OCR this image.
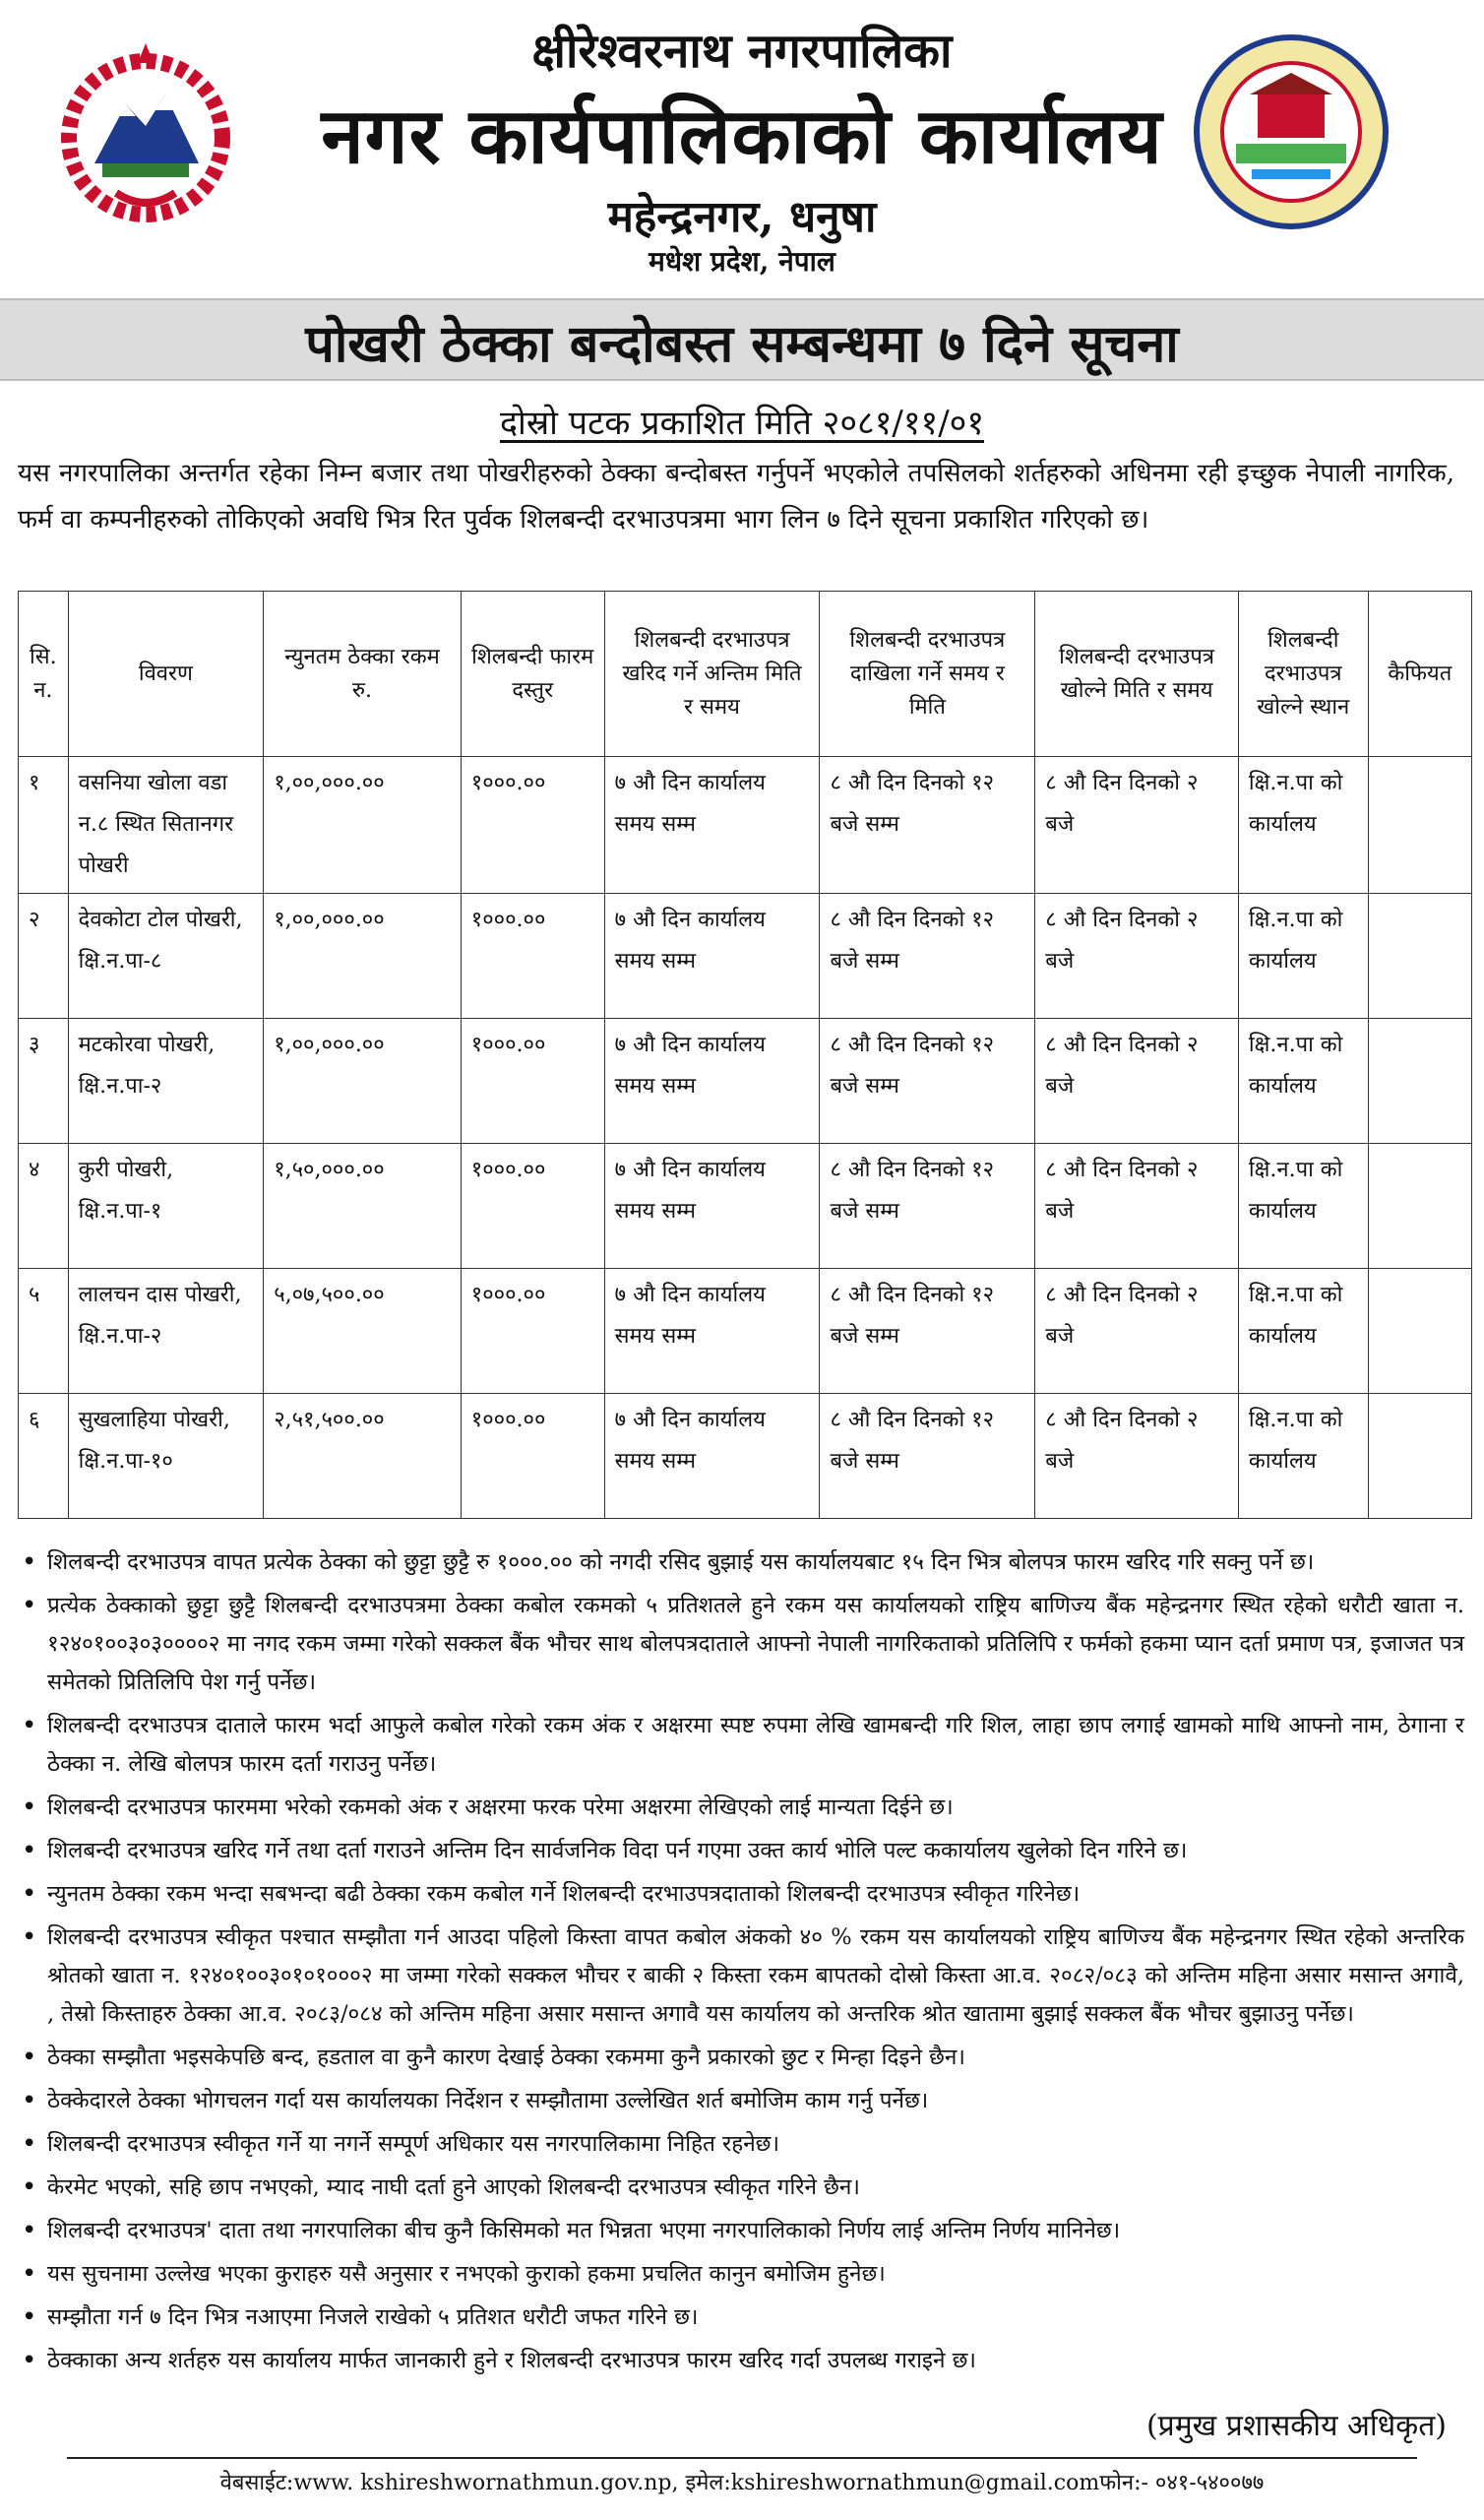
क्षीरेश्वरनाथ नगरपालिका
नगर कार्यपालिकाको कार्यालय
महेन्द्रनगर, धनुषा
मधेश प्रदेश, नेपाल
पोखरी ठेक्का बन्दोबस्त सम्बन्धमा ७ दिने सूचना
दोस्रो पटक प्रकाशित मिति २०८१/११/०१
यस नगरपालिका अन्तर्गत रहेका निम्न बजार तथा पोखरीहरुको ठेक्का बन्दोबस्त गर्नुपर्ने भएकोले तपसिलको शर्तहरुको अधिनमा रही इच्छुक नेपाली नागरिक, फर्म वा कम्पनीहरुको तोकिएको अवधि भित्र रित पुर्वक शिलबन्दी दरभाउपत्रमा भाग लिन ७ दिने सूचना प्रकाशित गरिएको छ।
सि. न.	विवरण	न्युनतम ठेक्का रकम रु.	शिलबन्दी फारम दस्तुर	शिलबन्दी दरभाउपत्र खरिद गर्ने अन्तिम मिति र समय	शिलबन्दी दरभाउपत्र दाखिला गर्ने समय र मिति	शिलबन्दी दरभाउपत्र खोल्ने मिति र समय	शिलबन्दी दरभाउपत्र खोल्ने स्थान	कैफियत
१	वसनिया खोला वडा न.८ स्थित सितानगर पोखरी	१,००,०००.००	१०००.००	७ औ दिन कार्यालय समय सम्म	८ औ दिन दिनको १२ बजे सम्म	८ औ दिन दिनको २ बजे	क्षि.न.पा को कार्यालय	
२	देवकोटा टोल पोखरी, क्षि.न.पा-८	१,००,०००.००	१०००.००	७ औ दिन कार्यालय समय सम्म	८ औ दिन दिनको १२ बजे सम्म	८ औ दिन दिनको २ बजे	क्षि.न.पा को कार्यालय	
३	मटकोरवा पोखरी, क्षि.न.पा-२	१,००,०००.००	१०००.००	७ औ दिन कार्यालय समय सम्म	८ औ दिन दिनको १२ बजे सम्म	८ औ दिन दिनको २ बजे	क्षि.न.पा को कार्यालय	
४	कुरी पोखरी, क्षि.न.पा-१	१,५०,०००.००	१०००.००	७ औ दिन कार्यालय समय सम्म	८ औ दिन दिनको १२ बजे सम्म	८ औ दिन दिनको २ बजे	क्षि.न.पा को कार्यालय	
५	लालचन दास पोखरी, क्षि.न.पा-२	५,०७,५००.००	१०००.००	७ औ दिन कार्यालय समय सम्म	८ औ दिन दिनको १२ बजे सम्म	८ औ दिन दिनको २ बजे	क्षि.न.पा को कार्यालय	
६	सुखलाहिया पोखरी, क्षि.न.पा-१०	२,५१,५००.००	१०००.००	७ औ दिन कार्यालय समय सम्म	८ औ दिन दिनको १२ बजे सम्म	८ औ दिन दिनको २ बजे	क्षि.न.पा को कार्यालय	
• शिलबन्दी दरभाउपत्र वापत प्रत्येक ठेक्का को छुट्टा छुट्टै रु १०००.०० को नगदी रसिद बुझाई यस कार्यालयबाट १५ दिन भित्र बोलपत्र फारम खरिद गरि सक्नु पर्ने छ।
• प्रत्येक ठेक्काको छुट्टा छुट्टै शिलबन्दी दरभाउपत्रमा ठेक्का कबोल रकमको ५ प्रतिशतले हुने रकम यस कार्यालयको राष्ट्रिय बाणिज्य बैंक महेन्द्रनगर स्थित रहेको धरौटी खाता न. १२४०१००३०३००००२ मा नगद रकम जम्मा गरेको सक्कल बैंक भौचर साथ बोलपत्रदाताले आफ्नो नेपाली नागरिकताको प्रतिलिपि र फर्मको हकमा प्यान दर्ता प्रमाण पत्र, इजाजत पत्र समेतको प्रितिलिपि पेश गर्नु पर्नेछ।
• शिलबन्दी दरभाउपत्र दाताले फारम भर्दा आफुले कबोल गरेको रकम अंक र अक्षरमा स्पष्ट रुपमा लेखि खामबन्दी गरि शिल, लाहा छाप लगाई खामको माथि आफ्नो नाम, ठेगाना र ठेक्का न. लेखि बोलपत्र फारम दर्ता गराउनु पर्नेछ।
• शिलबन्दी दरभाउपत्र फारममा भरेको रकमको अंक र अक्षरमा फरक परेमा अक्षरमा लेखिएको लाई मान्यता दिईने छ।
• शिलबन्दी दरभाउपत्र खरिद गर्ने तथा दर्ता गराउने अन्तिम दिन सार्वजनिक विदा पर्न गएमा उक्त कार्य भोलि पल्ट ककार्यालय खुलेको दिन गरिने छ।
• न्युनतम ठेक्का रकम भन्दा सबभन्दा बढी ठेक्का रकम कबोल गर्ने शिलबन्दी दरभाउपत्रदाताको शिलबन्दी दरभाउपत्र स्वीकृत गरिनेछ।
• शिलबन्दी दरभाउपत्र स्वीकृत पश्चात सम्झौता गर्न आउदा पहिलो किस्ता वापत कबोल अंकको ४० % रकम यस कार्यालयको राष्ट्रिय बाणिज्य बैंक महेन्द्रनगर स्थित रहेको अन्तरिक श्रोतको खाता न. १२४०१००३०१०१०००२ मा जम्मा गरेको सक्कल भौचर र बाकी २ किस्ता रकम बापतको दोस्रो किस्ता आ.व. २०८२/०८३ को अन्तिम महिना असार मसान्त अगावै, , तेस्रो किस्ताहरु ठेक्का आ.व. २०८३/०८४ को अन्तिम महिना असार मसान्त अगावै यस कार्यालय को अन्तरिक श्रोत खातामा बुझाई सक्कल बैंक भौचर बुझाउनु पर्नेछ।
• ठेक्का सम्झौता भइसकेपछि बन्द, हडताल वा कुनै कारण देखाई ठेक्का रकममा कुनै प्रकारको छुट र मिन्हा दिइने छैन।
• ठेक्केदारले ठेक्का भोगचलन गर्दा यस कार्यालयका निर्देशन र सम्झौतामा उल्लेखित शर्त बमोजिम काम गर्नु पर्नेछ।
• शिलबन्दी दरभाउपत्र स्वीकृत गर्ने या नगर्ने सम्पूर्ण अधिकार यस नगरपालिकामा निहित रहनेछ।
• केरमेट भएको, सहि छाप नभएको, म्याद नाघी दर्ता हुने आएको शिलबन्दी दरभाउपत्र स्वीकृत गरिने छैन।
• शिलबन्दी दरभाउपत्र' दाता तथा नगरपालिका बीच कुनै किसिमको मत भिन्नता भएमा नगरपालिकाको निर्णय लाई अन्तिम निर्णय मानिनेछ।
• यस सुचनामा उल्लेख भएका कुराहरु यसै अनुसार र नभएको कुराको हकमा प्रचलित कानुन बमोजिम हुनेछ।
• सम्झौता गर्न ७ दिन भित्र नआएमा निजले राखेको ५ प्रतिशत धरौटी जफत गरिने छ।
• ठेक्काका अन्य शर्तहरु यस कार्यालय मार्फत जानकारी हुने र शिलबन्दी दरभाउपत्र फारम खरिद गर्दा उपलब्ध गराइने छ।
(प्रमुख प्रशासकीय अधिकृत)
वेबसाईट:www. kshireshwornathmun.gov.np, इमेल:kshireshwornathmun@gmail.comफोन:- ०४१-५४००७७
